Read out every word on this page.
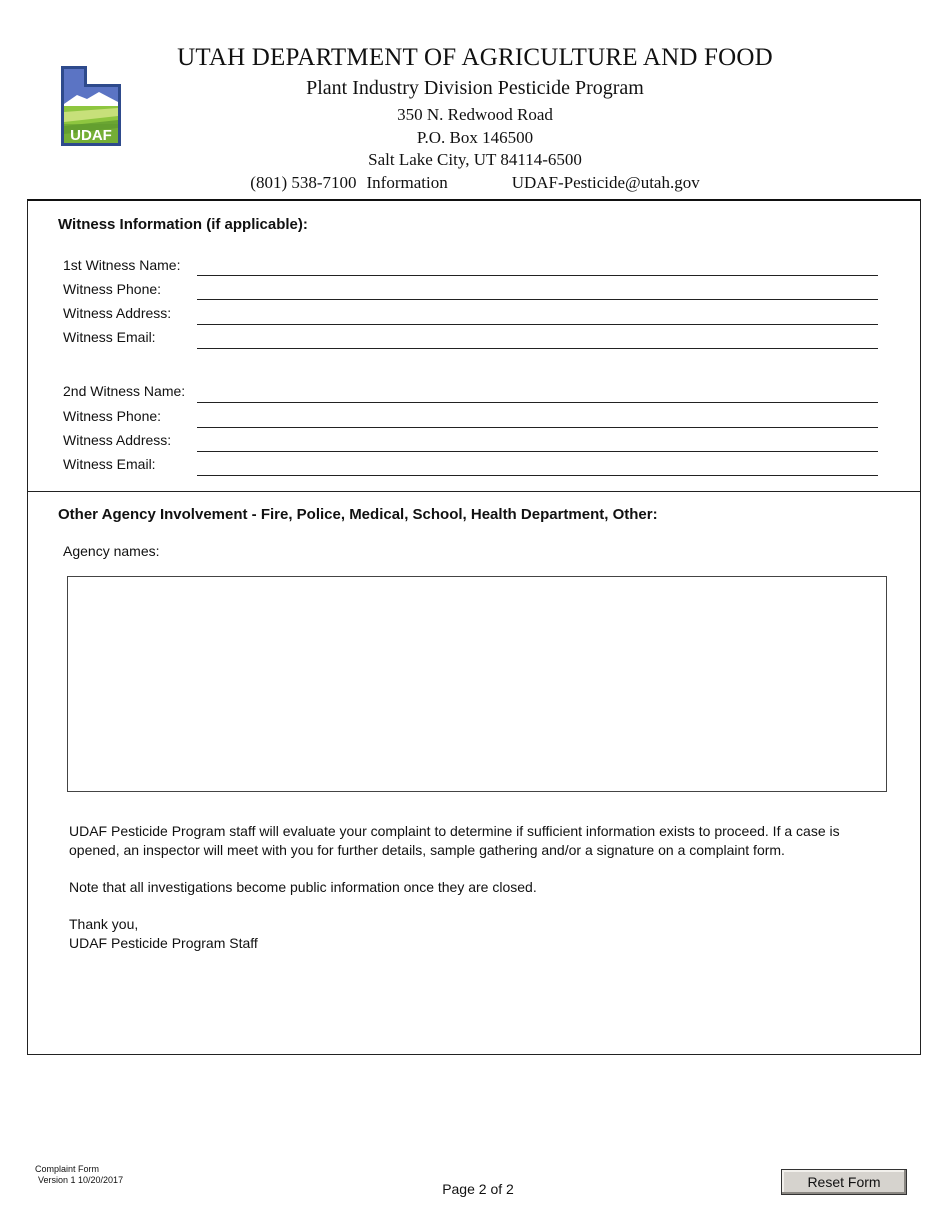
UDAF
UTAH DEPARTMENT OF AGRICULTURE AND FOOD
Plant Industry Division Pesticide Program
350 N. Redwood Road
P.O. Box 146500
Salt Lake City, UT 84114-6500
(801) 538-7100 Information	UDAF-Pesticide@utah.gov
Witness Information (if applicable):
1st Witness Name:
Witness Phone:
Witness Address:
Witness Email:
2nd Witness Name:
Witness Phone:
Witness Address:
Witness Email:
Other Agency Involvement - Fire, Police, Medical, School, Health Department, Other:
Agency names:
UDAF Pesticide Program staff will evaluate your complaint to determine if sufficient information exists to proceed. If a case is opened, an inspector will meet with you for further details, sample gathering and/or a signature on a complaint form.
Note that all investigations become public information once they are closed.
Thank you,
UDAF Pesticide Program Staff
Complaint Form
Version 1 10/20/2017
Page 2 of 2	Reset Form
